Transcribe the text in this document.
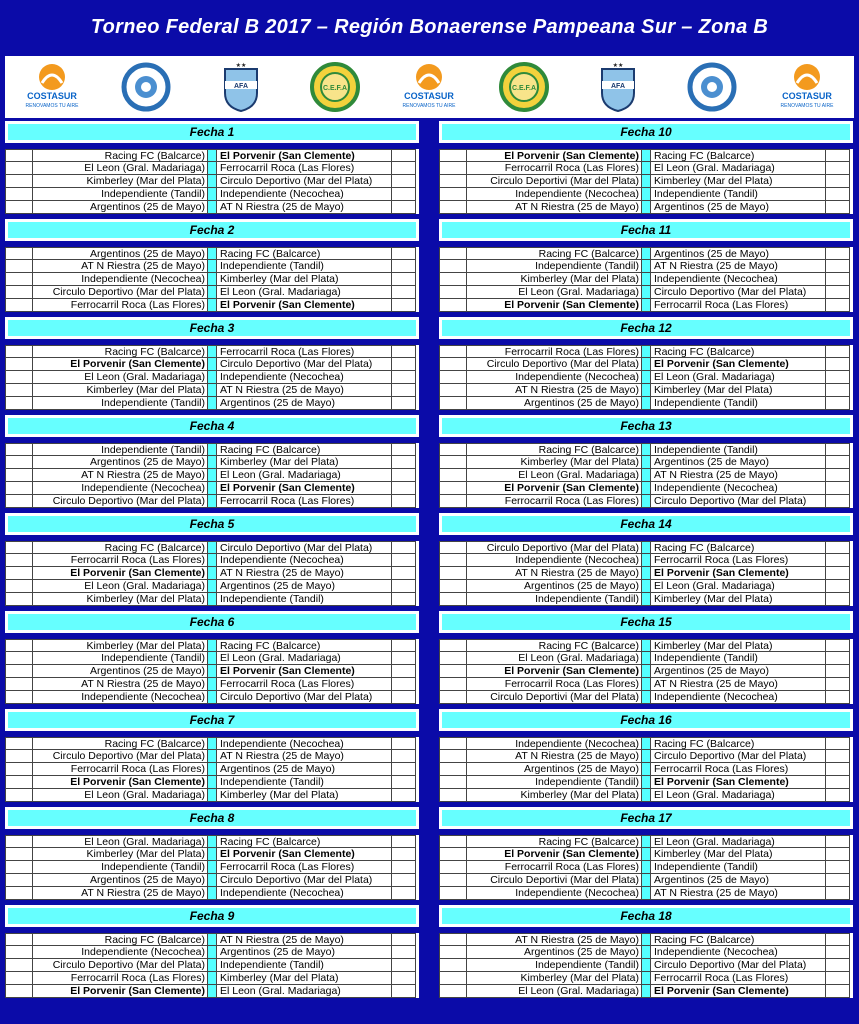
Torneo Federal B 2017 – Región Bonaerense Pampeana Sur – Zona B
COSTASUR
RENOVAMOS TU AIRE
AFA
★★
C.E.F.A
COSTASUR
RENOVAMOS TU AIRE
C.E.F.A	AFA
★★
COSTASUR
RENOVAMOS TU AIRE
Fecha 1
Racing FC (Balcarce) El Porvenir (San Clemente)
El Leon (Gral. Madariaga) Ferrocarril Roca (Las Flores)
Kimberley (Mar del Plata) Circulo Deportivo (Mar del Plata)
Independiente (Tandil) Independiente (Necochea)
Argentinos (25 de Mayo) AT N Riestra (25 de Mayo)
Fecha 2
Argentinos (25 de Mayo) Racing FC (Balcarce)
AT N Riestra (25 de Mayo) Independiente (Tandil)
Independiente (Necochea) Kimberley (Mar del Plata)
Circulo Deportivo (Mar del Plata) El Leon (Gral. Madariaga)
Ferrocarril Roca (Las Flores) El Porvenir (San Clemente)
Fecha 3
Racing FC (Balcarce) Ferrocarril Roca (Las Flores)
El Porvenir (San Clemente) Circulo Deportivo (Mar del Plata)
El Leon (Gral. Madariaga) Independiente (Necochea)
Kimberley (Mar del Plata) AT N Riestra (25 de Mayo)
Independiente (Tandil) Argentinos (25 de Mayo)
Fecha 4
Independiente (Tandil) Racing FC (Balcarce)
Argentinos (25 de Mayo) Kimberley (Mar del Plata)
AT N Riestra (25 de Mayo) El Leon (Gral. Madariaga)
Independiente (Necochea) El Porvenir (San Clemente)
Circulo Deportivo (Mar del Plata) Ferrocarril Roca (Las Flores)
Fecha 5
Racing FC (Balcarce) Circulo Deportivo (Mar del Plata)
Ferrocarril Roca (Las Flores) Independiente (Necochea)
El Porvenir (San Clemente) AT N Riestra (25 de Mayo)
El Leon (Gral. Madariaga) Argentinos (25 de Mayo)
Kimberley (Mar del Plata) Independiente (Tandil)
Fecha 6
Kimberley (Mar del Plata) Racing FC (Balcarce)
Independiente (Tandil) El Leon (Gral. Madariaga)
Argentinos (25 de Mayo) El Porvenir (San Clemente)
AT N Riestra (25 de Mayo) Ferrocarril Roca (Las Flores)
Independiente (Necochea) Circulo Deportivo (Mar del Plata)
Fecha 7
Racing FC (Balcarce) Independiente (Necochea)
Circulo Deportivo (Mar del Plata) AT N Riestra (25 de Mayo)
Ferrocarril Roca (Las Flores) Argentinos (25 de Mayo)
El Porvenir (San Clemente) Independiente (Tandil)
El Leon (Gral. Madariaga) Kimberley (Mar del Plata)
Fecha 8
El Leon (Gral. Madariaga) Racing FC (Balcarce)
Kimberley (Mar del Plata) El Porvenir (San Clemente)
Independiente (Tandil) Ferrocarril Roca (Las Flores)
Argentinos (25 de Mayo) Circulo Deportivo (Mar del Plata)
AT N Riestra (25 de Mayo) Independiente (Necochea)
Fecha 9
Racing FC (Balcarce) AT N Riestra (25 de Mayo)
Independiente (Necochea) Argentinos (25 de Mayo)
Circulo Deportivo (Mar del Plata) Independiente (Tandil)
Ferrocarril Roca (Las Flores) Kimberley (Mar del Plata)
El Porvenir (San Clemente) El Leon (Gral. Madariaga)
Fecha 10
El Porvenir (San Clemente) Racing FC (Balcarce)
Ferrocarril Roca (Las Flores) El Leon (Gral. Madariaga)
Circulo Deportivi (Mar del Plata) Kimberley (Mar del Plata)
Independiente (Necochea) Independiente (Tandil)
AT N Riestra (25 de Mayo) Argentinos (25 de Mayo)
Fecha 11
Racing FC (Balcarce) Argentinos (25 de Mayo)
Independiente (Tandil) AT N Riestra (25 de Mayo)
Kimberley (Mar del Plata) Independiente (Necochea)
El Leon (Gral. Madariaga) Circulo Deportivo (Mar del Plata)
El Porvenir (San Clemente) Ferrocarril Roca (Las Flores)
Fecha 12
Ferrocarril Roca (Las Flores) Racing FC (Balcarce)
Circulo Deportivo (Mar del Plata) El Porvenir (San Clemente)
Independiente (Necochea) El Leon (Gral. Madariaga)
AT N Riestra (25 de Mayo) Kimberley (Mar del Plata)
Argentinos (25 de Mayo) Independiente (Tandil)
Fecha 13
Racing FC (Balcarce) Independiente (Tandil)
Kimberley (Mar del Plata) Argentinos (25 de Mayo)
El Leon (Gral. Madariaga) AT N Riestra (25 de Mayo)
El Porvenir (San Clemente) Independiente (Necochea)
Ferrocarril Roca (Las Flores) Circulo Deportivo (Mar del Plata)
Fecha 14
Circulo Deportivo (Mar del Plata) Racing FC (Balcarce)
Independiente (Necochea) Ferrocarril Roca (Las Flores)
AT N Riestra (25 de Mayo) El Porvenir (San Clemente)
Argentinos (25 de Mayo) El Leon (Gral. Madariaga)
Independiente (Tandil) Kimberley (Mar del Plata)
Fecha 15
Racing FC (Balcarce) Kimberley (Mar del Plata)
El Leon (Gral. Madariaga) Independiente (Tandil)
El Porvenir (San Clemente) Argentinos (25 de Mayo)
Ferrocarril Roca (Las Flores) AT N Riestra (25 de Mayo)
Circulo Deportivi (Mar del Plata) Independiente (Necochea)
Fecha 16
Independiente (Necochea) Racing FC (Balcarce)
AT N Riestra (25 de Mayo) Circulo Deportivo (Mar del Plata)
Argentinos (25 de Mayo) Ferrocarril Roca (Las Flores)
Independiente (Tandil) El Porvenir (San Clemente)
Kimberley (Mar del Plata) El Leon (Gral. Madariaga)
Fecha 17
Racing FC (Balcarce) El Leon (Gral. Madariaga)
El Porvenir (San Clemente) Kimberley (Mar del Plata)
Ferrocarril Roca (Las Flores) Independiente (Tandil)
Circulo Deportivi (Mar del Plata) Argentinos (25 de Mayo)
Independiente (Necochea) AT N Riestra (25 de Mayo)
Fecha 18
AT N Riestra (25 de Mayo) Racing FC (Balcarce)
Argentinos (25 de Mayo) Independiente (Necochea)
Independiente (Tandil) Circulo Deportivo (Mar del Plata)
Kimberley (Mar del Plata) Ferrocarril Roca (Las Flores)
El Leon (Gral. Madariaga) El Porvenir (San Clemente)
